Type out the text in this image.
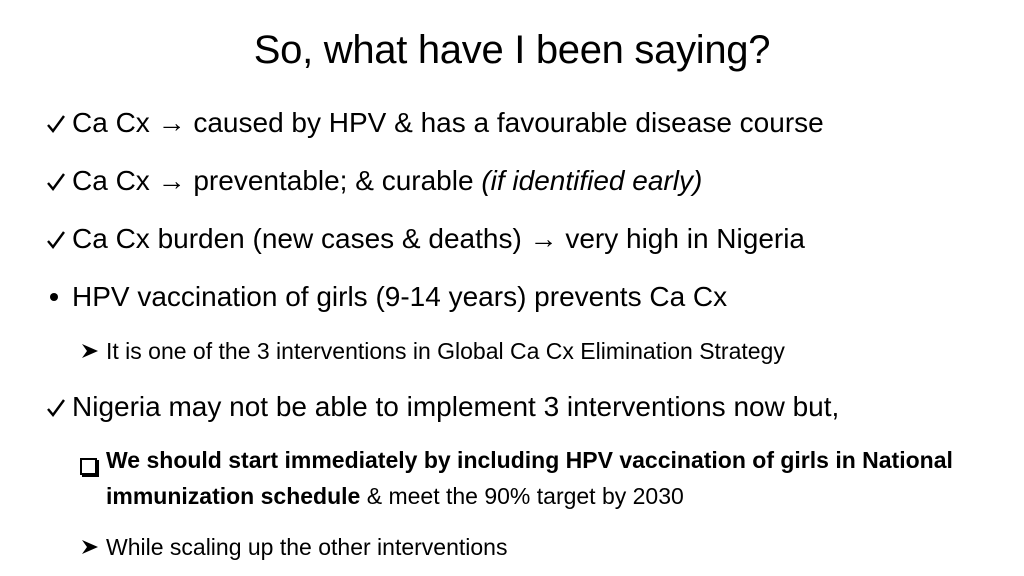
So, what have I been saying?
Ca Cx → caused by HPV & has a favourable disease course
Ca Cx → preventable; & curable (if identified early)
Ca Cx burden (new cases & deaths) → very high in Nigeria
HPV vaccination of girls (9-14 years) prevents Ca Cx
It is one of the 3 interventions in Global Ca Cx Elimination Strategy
Nigeria may not be able to implement 3 interventions now but,
We should start immediately by including HPV vaccination of girls in National immunization schedule & meet the 90% target by 2030
While scaling up the other interventions
